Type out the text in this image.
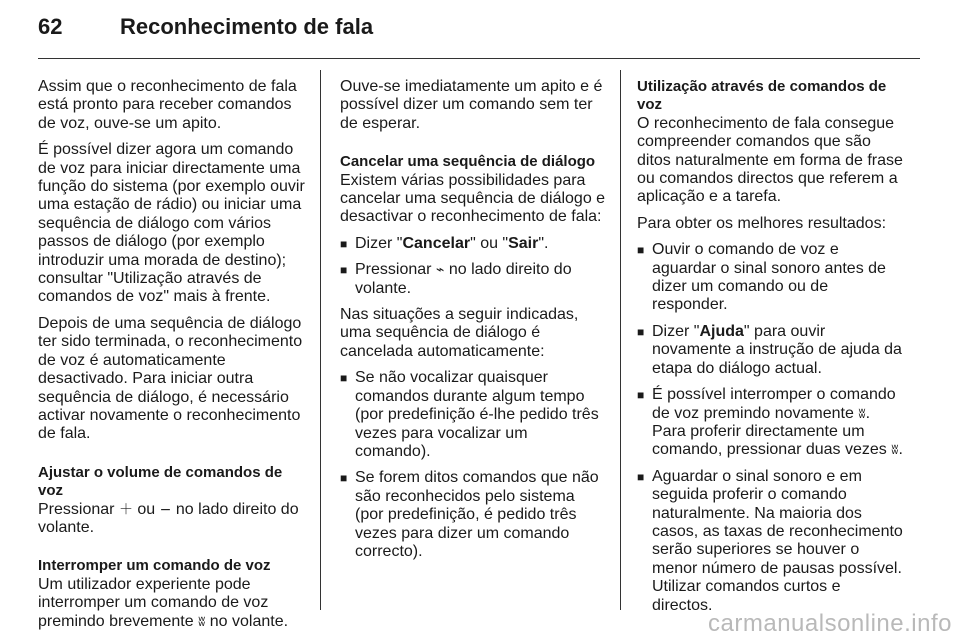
62	Reconhecimento de fala

Assim que o reconhecimento de fala está pronto para receber comandos de voz, ouve-se um apito.

É possível dizer agora um comando de voz para iniciar directamente uma função do sistema (por exemplo ouvir uma estação de rádio) ou iniciar uma sequência de diálogo com vários passos de diálogo (por exemplo introduzir uma morada de destino); consultar "Utilização através de comandos de voz" mais à frente.

Depois de uma sequência de diálogo ter sido terminada, o reconhecimento de voz é automaticamente desactivado. Para iniciar outra sequência de diálogo, é necessário activar novamente o reconhecimento de fala.

Ajustar o volume de comandos de voz

Pressionar ＋ ou − no lado direito do volante.

Interromper um comando de voz

Um utilizador experiente pode interromper um comando de voz premindo brevemente ʬ no volante.

Ouve-se imediatamente um apito e é possível dizer um comando sem ter de esperar.

Cancelar uma sequência de diálogo

Existem várias possibilidades para cancelar uma sequência de diálogo e desactivar o reconhecimento de fala:

■ Dizer "Cancelar" ou "Sair".
■ Pressionar ⌁ no lado direito do volante.

Nas situações a seguir indicadas, uma sequência de diálogo é cancelada automaticamente:

■ Se não vocalizar quaisquer comandos durante algum tempo (por predefinição é-lhe pedido três vezes para vocalizar um comando).
■ Se forem ditos comandos que não são reconhecidos pelo sistema (por predefinição, é pedido três vezes para dizer um comando correcto).
Utilização através de comandos de voz

O reconhecimento de fala consegue compreender comandos que são ditos naturalmente em forma de frase ou comandos directos que referem a aplicação e a tarefa.

Para obter os melhores resultados:

■ Ouvir o comando de voz e aguardar o sinal sonoro antes de dizer um comando ou de responder.
■ Dizer "Ajuda" para ouvir novamente a instrução de ajuda da etapa do diálogo actual.
■ É possível interromper o comando de voz premindo novamente ʬ. Para proferir directamente um comando, pressionar duas vezes ʬ.
■ Aguardar o sinal sonoro e em seguida proferir o comando naturalmente. Na maioria dos casos, as taxas de reconhecimento serão superiores se houver o menor número de pausas possível. Utilizar comandos curtos e directos.
carmanualsonline.info
